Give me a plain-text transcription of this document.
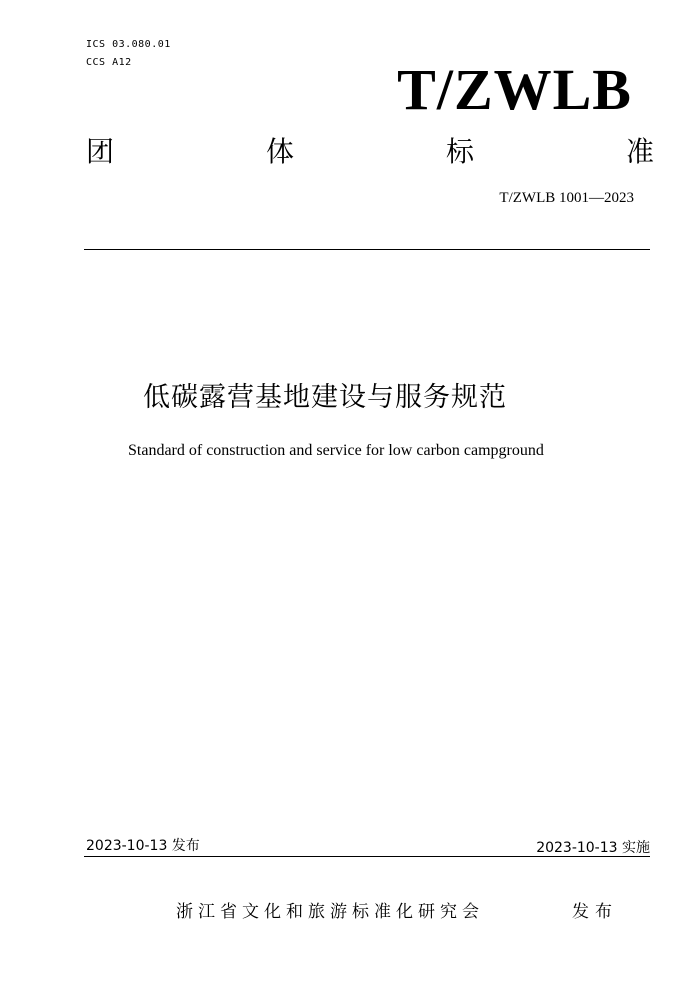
ICS 03.080.01
CCS A12	T/ZWLB
团	体	标	准
T/ZWLB 1001—2023
低碳露营基地建设与服务规范
Standard of construction and service for low carbon campground
2023-10-13 发布	2023-10-13 实施
浙江省文化和旅游标准化研究会	发布
